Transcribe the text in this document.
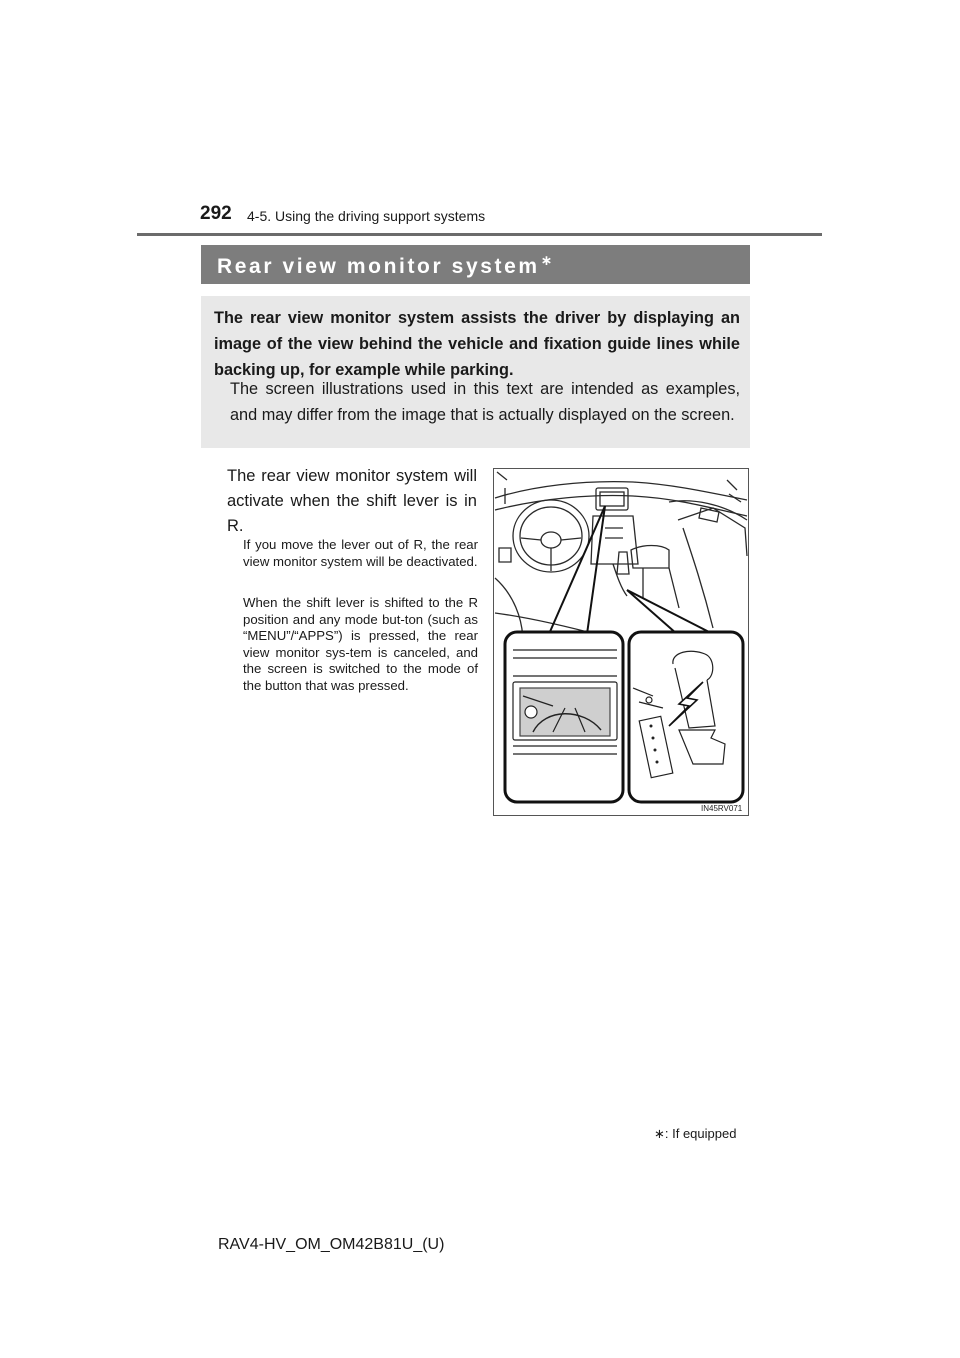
292 4-5. Using the driving support systems
Rear view monitor system∗
The rear view monitor system assists the driver by displaying an image of the view behind the vehicle and fixation guide lines while backing up, for example while parking.
The screen illustrations used in this text are intended as examples, and may differ from the image that is actually displayed on the screen.
The rear view monitor system will activate when the shift lever is in R.
If you move the lever out of R, the rear view monitor system will be deactivated.
When the shift lever is shifted to the R position and any mode but-ton (such as “MENU”/“APPS”) is pressed, the rear view monitor sys-tem is canceled, and the screen is switched to the mode of the button that was pressed.
IN45RV071
∗: If equipped
RAV4-HV_OM_OM42B81U_(U)
